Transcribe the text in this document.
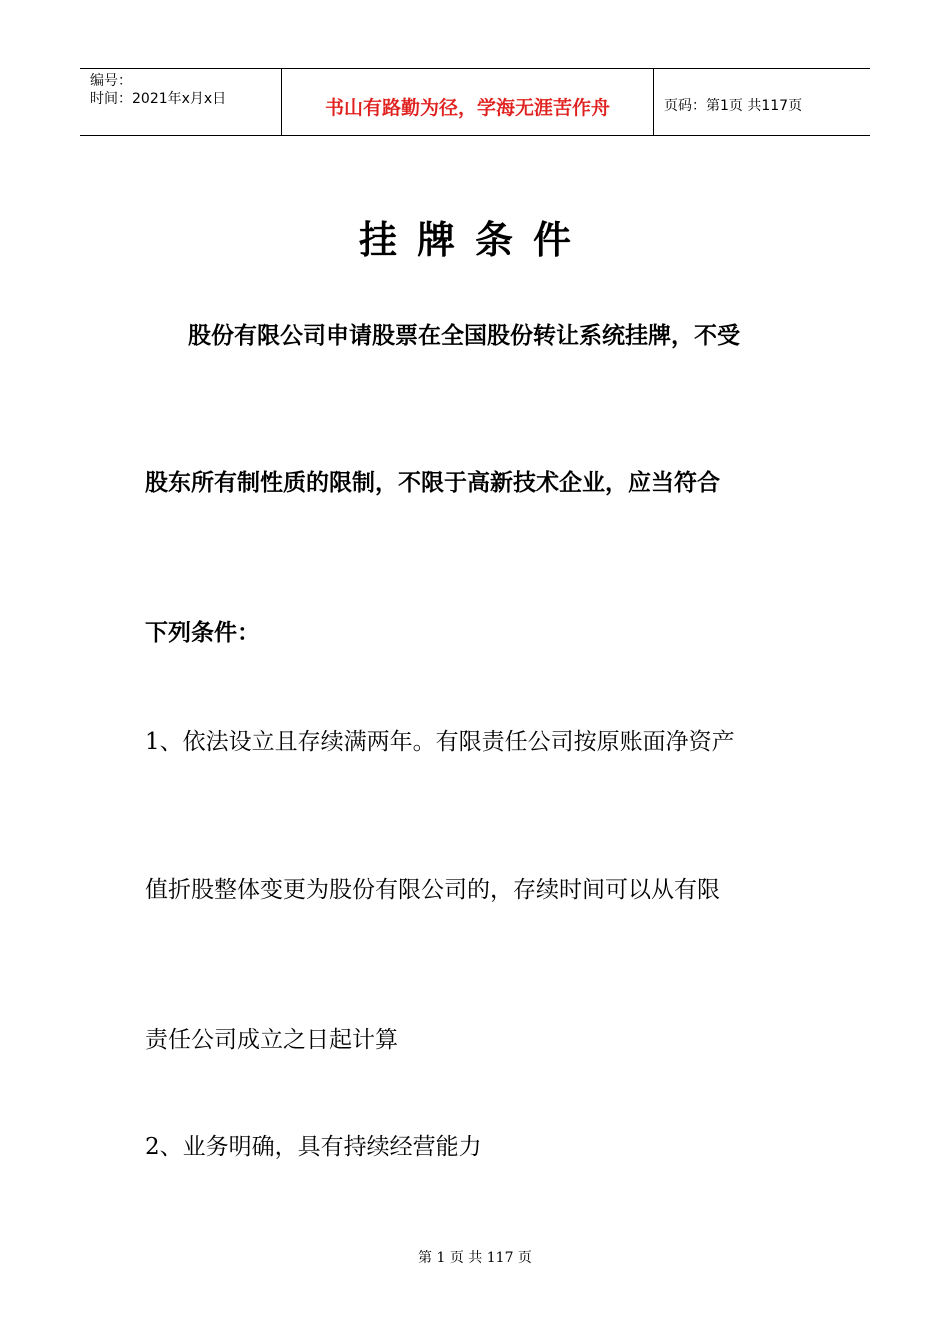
编号：
时间：2021年x月x日	书山有路勤为径，学海无涯苦作舟	页码：第1页 共117页
挂牌条件
股份有限公司申请股票在全国股份转让系统挂牌，不受
股东所有制性质的限制，不限于高新技术企业，应当符合
下列条件：
1、依法设立且存续满两年。有限责任公司按原账面净资产
值折股整体变更为股份有限公司的，存续时间可以从有限
责任公司成立之日起计算
2、业务明确，具有持续经营能力
第 1 页 共 117 页
